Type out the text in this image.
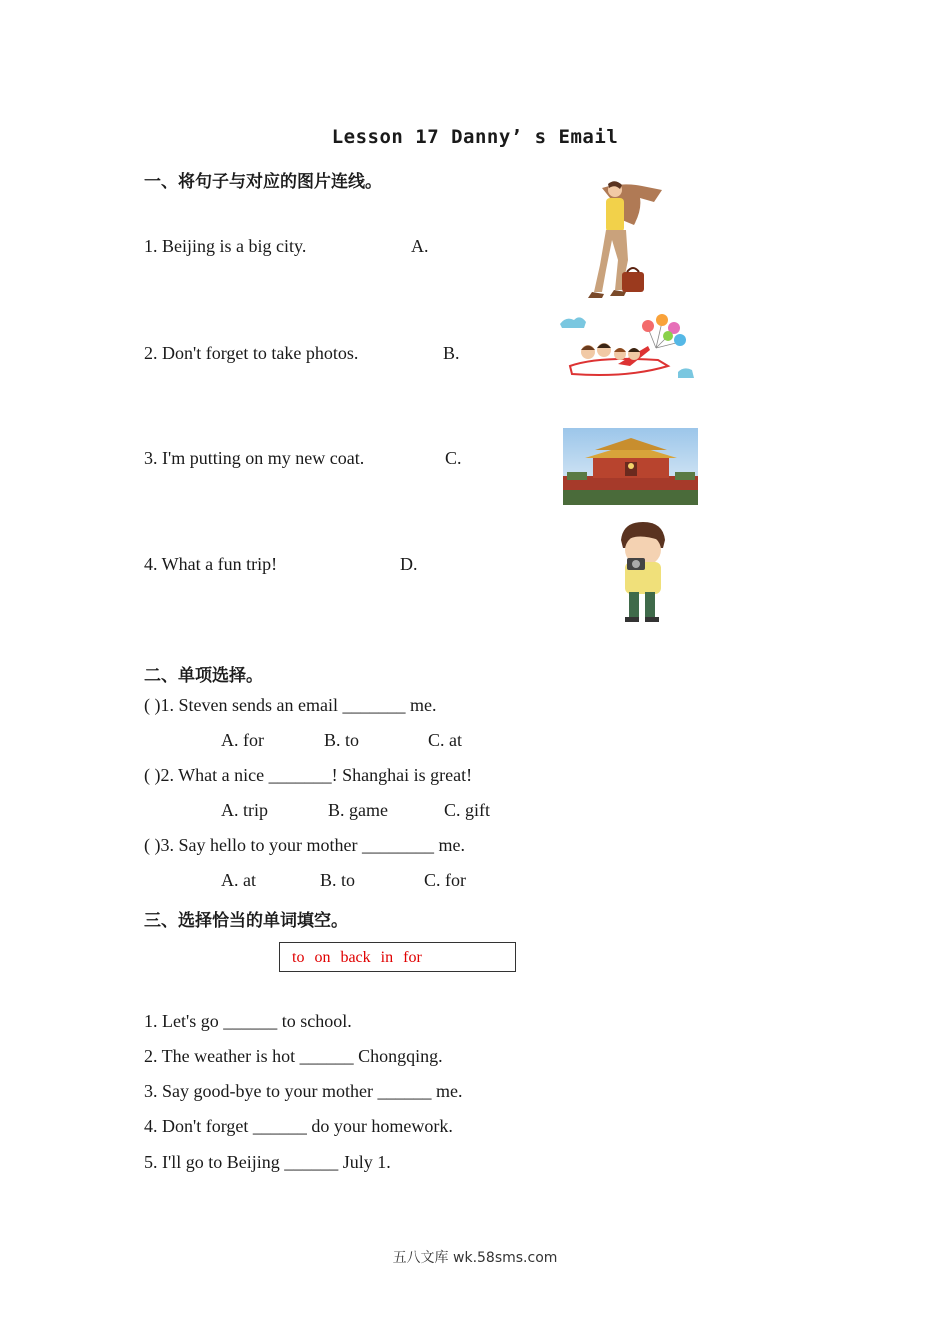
Lesson 17 Danny’ s Email
一、将句子与对应的图片连线。
1. Beijing is a big city.	A.
2. Don't forget to take photos.	B.
3. I'm putting on my new coat.	C.
4. What a fun trip!	D.
二、单项选择。
( )1. Steven sends an email _______ me.
A. for	B. to	C. at
( )2. What a nice _______! Shanghai is great!
A. trip	B. game	C. gift
( )3. Say hello to your mother ________ me.
A. at	B. to	C. for
三、选择恰当的单词填空。
to on back in for
1. Let's go ______ to school.
2. The weather is hot ______ Chongqing.
3. Say good-bye to your mother ______ me.
4. Don't forget ______ do your homework.
5. I'll go to Beijing ______ July 1.
五八文库 wk.58sms.com
